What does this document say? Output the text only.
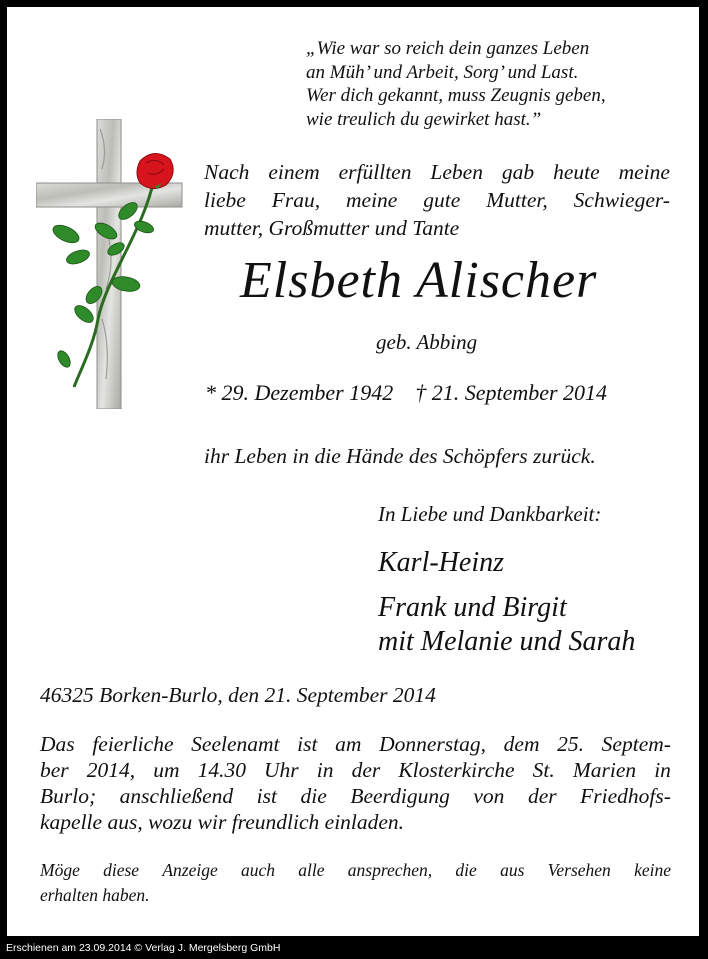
„Wie war so reich dein ganzes Leben
an Müh’ und Arbeit, Sorg’ und Last.
Wer dich gekannt, muss Zeugnis geben,
wie treulich du gewirket hast.”
Nach einem erfüllten Leben gab heute meine
liebe Frau, meine gute Mutter, Schwieger-
mutter, Großmutter und Tante
Elsbeth Alischer
geb. Abbing
* 29. Dezember 1942 † 21. September 2014
ihr Leben in die Hände des Schöpfers zurück.
In Liebe und Dankbarkeit:
Karl-Heinz
Frank und Birgit
mit Melanie und Sarah
46325 Borken-Burlo, den 21. September 2014
Das feierliche Seelenamt ist am Donnerstag, dem 25. Septem-
ber 2014, um 14.30 Uhr in der Klosterkirche St. Marien in
Burlo; anschließend ist die Beerdigung von der Friedhofs-
kapelle aus, wozu wir freundlich einladen.
Möge diese Anzeige auch alle ansprechen, die aus Versehen keine
erhalten haben.
Erschienen am 23.09.2014 © Verlag J. Mergelsberg GmbH
